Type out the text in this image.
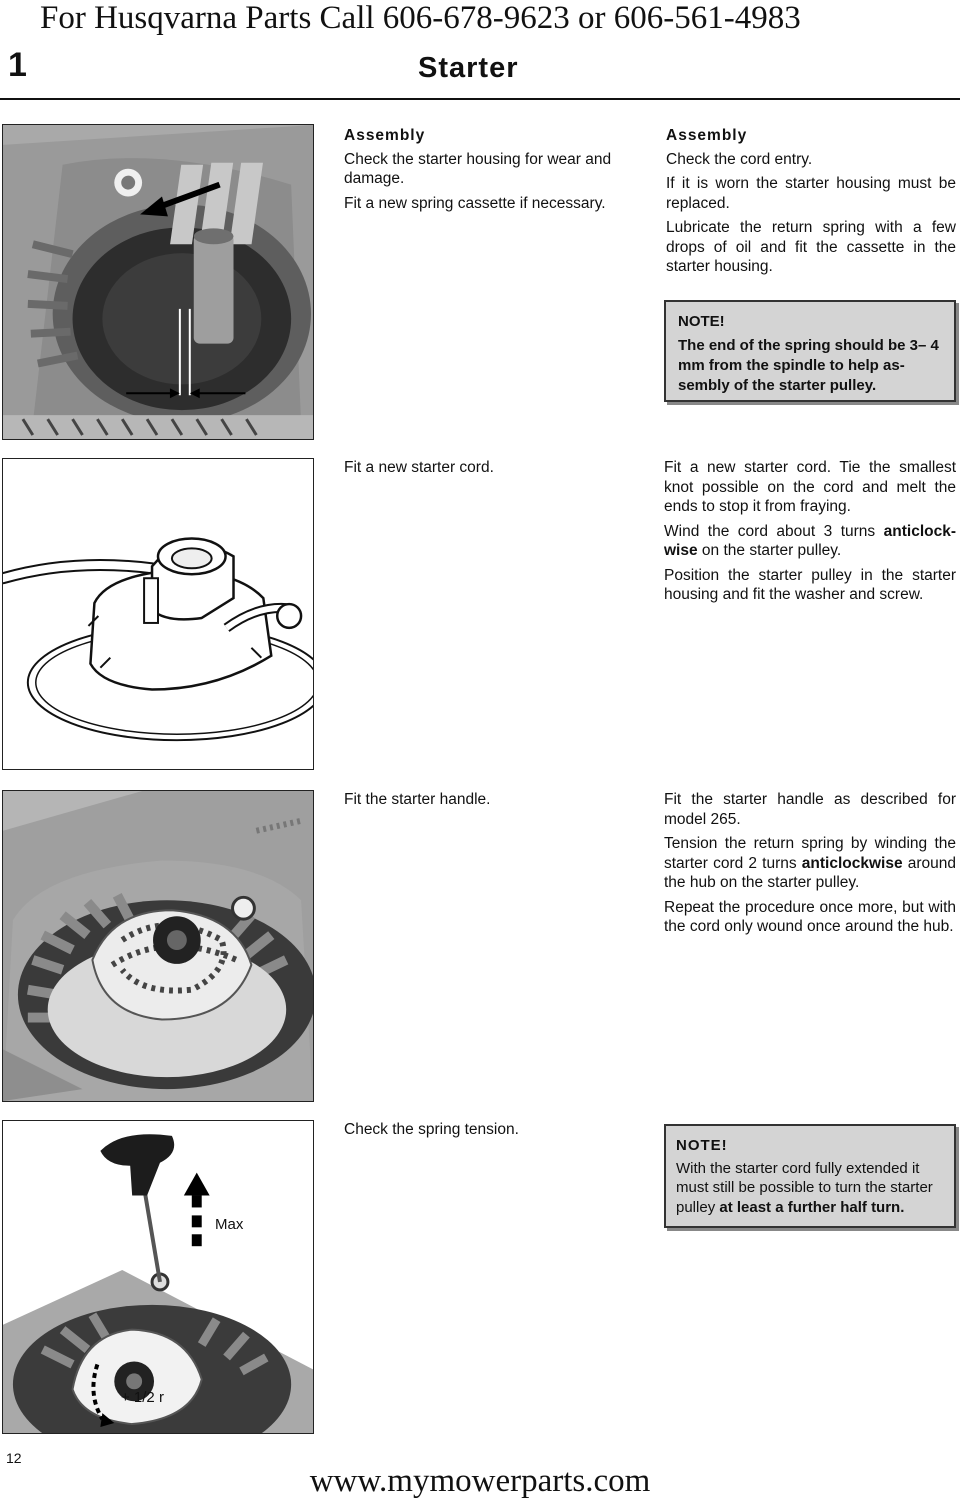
For Husqvarna Parts Call 606-678-9623 or 606-561-4983
1	Starter

Assembly

Check the starter housing for wear and damage.

Fit a new spring cassette if necessary.

Assembly

Check the cord entry.

If it is worn the starter housing must be replaced.

Lubricate the return spring with a few drops of oil and fit the cassette in the starter housing.

NOTE!
The end of the spring should be 3– 4 mm from the spindle to help as-sembly of the starter pulley.
Fit a new starter cord.	Fit a new starter cord. Tie the smallest knot possible on the cord and melt the ends to stop it from fraying.

Wind the cord about 3 turns anticlock-wise on the starter pulley.

Position the starter pulley in the starter housing and fit the washer and screw.

Fit the starter handle.	Fit the starter handle as described for model 265.

Tension the return spring by winding the starter cord 2 turns anticlockwise around the hub on the starter pulley.

Repeat the procedure once more, but with the cord only wound once around the hub.

Max
+ 1/2 r
Check the spring tension.
NOTE!
With the starter cord fully extended it must still be possible to turn the starter pulley at least a further half turn.
12
www.mymowerparts.com
